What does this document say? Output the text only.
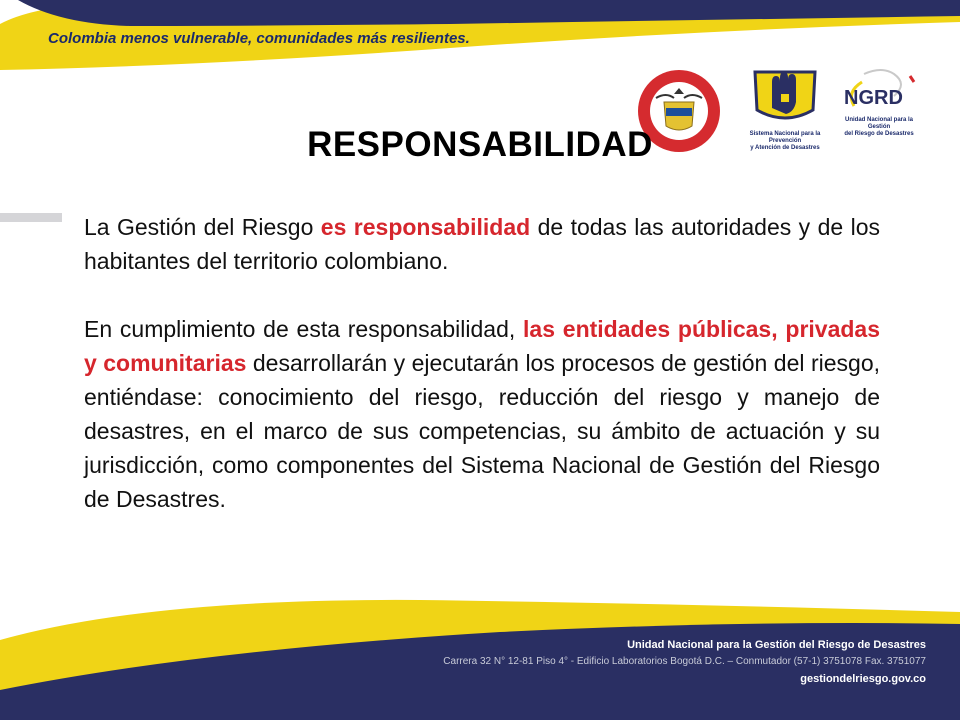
Colombia menos vulnerable, comunidades más resilientes.
Sistema Nacional para la Prevención
y Atención de Desastres
NGRD
Unidad Nacional para la Gestión
del Riesgo de Desastres
RESPONSABILIDAD
La Gestión del Riesgo es responsabilidad de todas las autoridades y de los habitantes del territorio colombiano.
En cumplimiento de esta responsabilidad, las entidades públicas, privadas y comunitarias desarrollarán y ejecutarán los procesos de gestión del riesgo, entiéndase: conocimiento del riesgo, reducción del riesgo y manejo de desastres, en el marco de sus competencias, su ámbito de actuación y su jurisdicción, como componentes del Sistema Nacional de Gestión del Riesgo de Desastres.
Unidad Nacional para la Gestión del Riesgo de Desastres
Carrera 32 N° 12-81 Piso 4° - Edificio Laboratorios Bogotá D.C. – Conmutador (57-1) 3751078 Fax. 3751077
gestiondelriesgo.gov.co
